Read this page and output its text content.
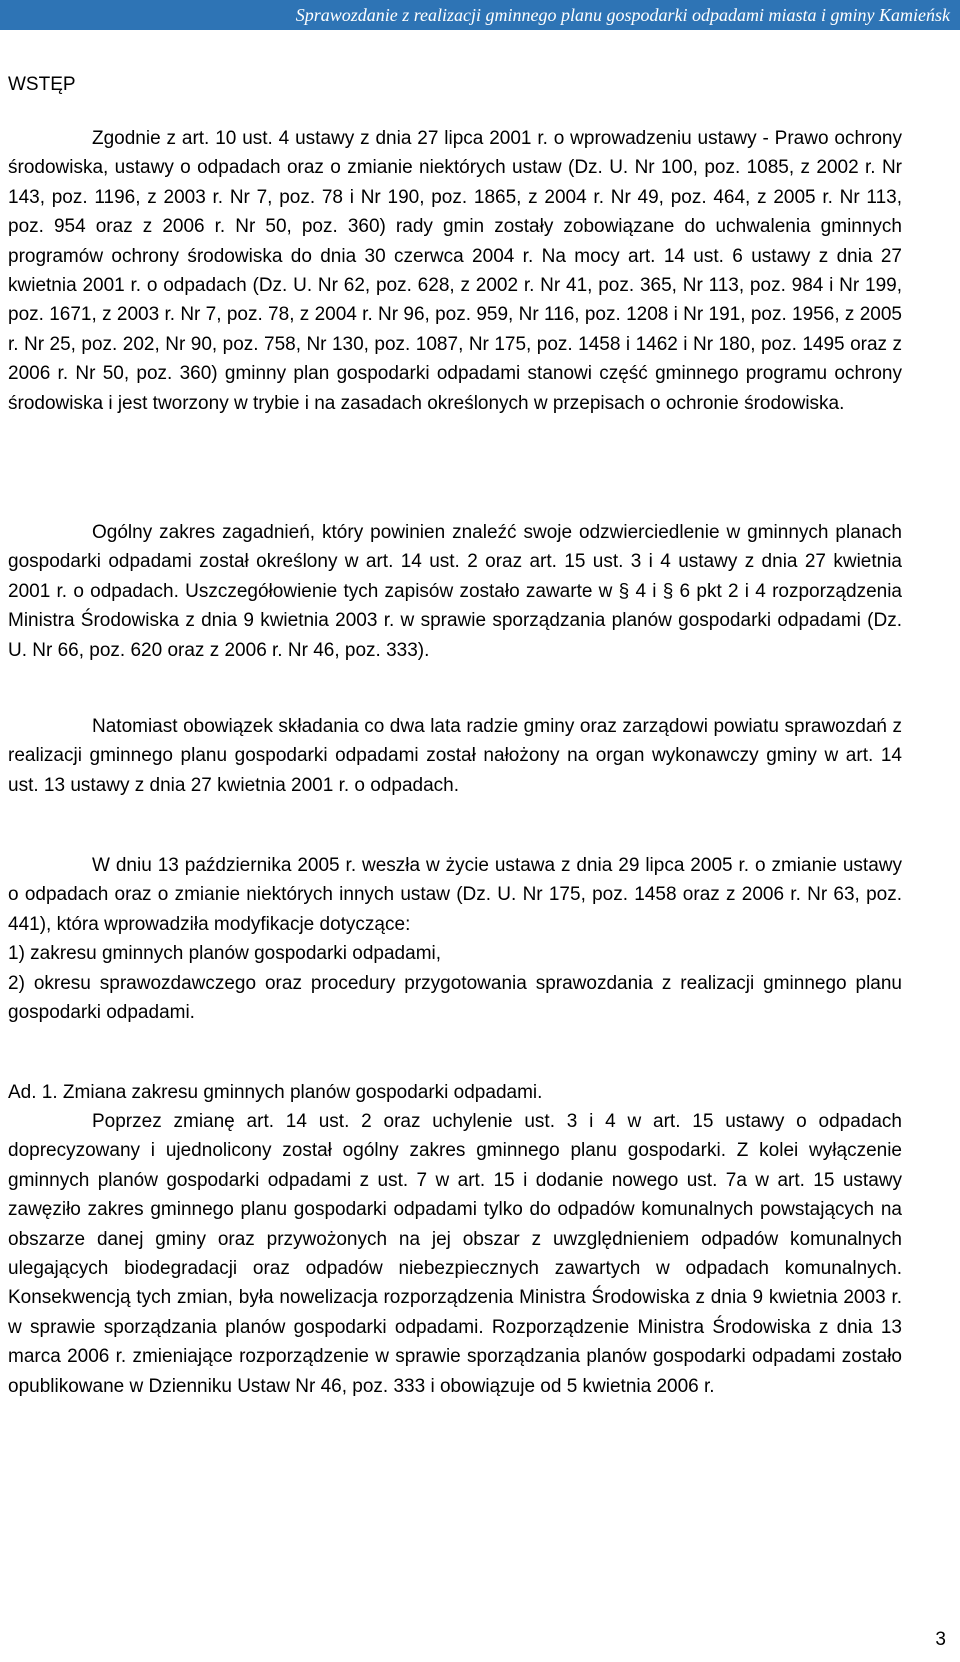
Sprawozdanie z realizacji gminnego planu gospodarki odpadami miasta i gminy Kamieńsk
WSTĘP

Zgodnie z art. 10 ust. 4 ustawy z dnia 27 lipca 2001 r. o wprowadzeniu ustawy - Prawo ochrony środowiska, ustawy o odpadach oraz o zmianie niektórych ustaw (Dz. U. Nr 100, poz. 1085, z 2002 r. Nr 143, poz. 1196, z 2003 r. Nr 7, poz. 78 i Nr 190, poz. 1865, z 2004 r. Nr 49, poz. 464, z 2005 r. Nr 113, poz. 954 oraz z 2006 r. Nr 50, poz. 360) rady gmin zostały zobowiązane do uchwalenia gminnych programów ochrony środowiska do dnia 30 czerwca 2004 r. Na mocy art. 14 ust. 6 ustawy z dnia 27 kwietnia 2001 r. o odpadach (Dz. U. Nr 62, poz. 628, z 2002 r. Nr 41, poz. 365, Nr 113, poz. 984 i Nr 199, poz. 1671, z 2003 r. Nr 7, poz. 78, z 2004 r. Nr 96, poz. 959, Nr 116, poz. 1208 i Nr 191, poz. 1956, z 2005 r. Nr 25, poz. 202, Nr 90, poz. 758, Nr 130, poz. 1087, Nr 175, poz. 1458 i 1462 i Nr 180, poz. 1495 oraz z 2006 r. Nr 50, poz. 360) gminny plan gospodarki odpadami stanowi część gminnego programu ochrony środowiska i jest tworzony w trybie i na zasadach określonych w przepisach o ochronie środowiska.

Ogólny zakres zagadnień, który powinien znaleźć swoje odzwierciedlenie w gminnych planach gospodarki odpadami został określony w art. 14 ust. 2 oraz art. 15 ust. 3 i 4 ustawy z dnia 27 kwietnia 2001 r. o odpadach. Uszczegółowienie tych zapisów zostało zawarte w § 4 i § 6 pkt 2 i 4 rozporządzenia Ministra Środowiska z dnia 9 kwietnia 2003 r. w sprawie sporządzania planów gospodarki odpadami (Dz. U. Nr 66, poz. 620 oraz z 2006 r. Nr 46, poz. 333).

Natomiast obowiązek składania co dwa lata radzie gminy oraz zarządowi powiatu sprawozdań z realizacji gminnego planu gospodarki odpadami został nałożony na organ wykonawczy gminy w art. 14 ust. 13 ustawy z dnia 27 kwietnia 2001 r. o odpadach.

W dniu 13 października 2005 r. weszła w życie ustawa z dnia 29 lipca 2005 r. o zmianie ustawy o odpadach oraz o zmianie niektórych innych ustaw (Dz. U. Nr 175, poz. 1458 oraz z 2006 r. Nr 63, poz. 441), która wprowadziła modyfikacje dotyczące:

1) zakresu gminnych planów gospodarki odpadami,

2) okresu sprawozdawczego oraz procedury przygotowania sprawozdania z realizacji gminnego planu gospodarki odpadami.

Ad. 1. Zmiana zakresu gminnych planów gospodarki odpadami.

Poprzez zmianę art. 14 ust. 2 oraz uchylenie ust. 3 i 4 w art. 15 ustawy o odpadach doprecyzowany i ujednolicony został ogólny zakres gminnego planu gospodarki. Z kolei wyłączenie gminnych planów gospodarki odpadami z ust. 7 w art. 15 i dodanie nowego ust. 7a w art. 15 ustawy zawęziło zakres gminnego planu gospodarki odpadami tylko do odpadów komunalnych powstających na obszarze danej gminy oraz przywożonych na jej obszar z uwzględnieniem odpadów komunalnych ulegających biodegradacji oraz odpadów niebezpiecznych zawartych w odpadach komunalnych. Konsekwencją tych zmian, była nowelizacja rozporządzenia Ministra Środowiska z dnia 9 kwietnia 2003 r. w sprawie sporządzania planów gospodarki odpadami. Rozporządzenie Ministra Środowiska z dnia 13 marca 2006 r. zmieniające rozporządzenie w sprawie sporządzania planów gospodarki odpadami zostało opublikowane w Dzienniku Ustaw Nr 46, poz. 333 i obowiązuje od 5 kwietnia 2006 r.

3
